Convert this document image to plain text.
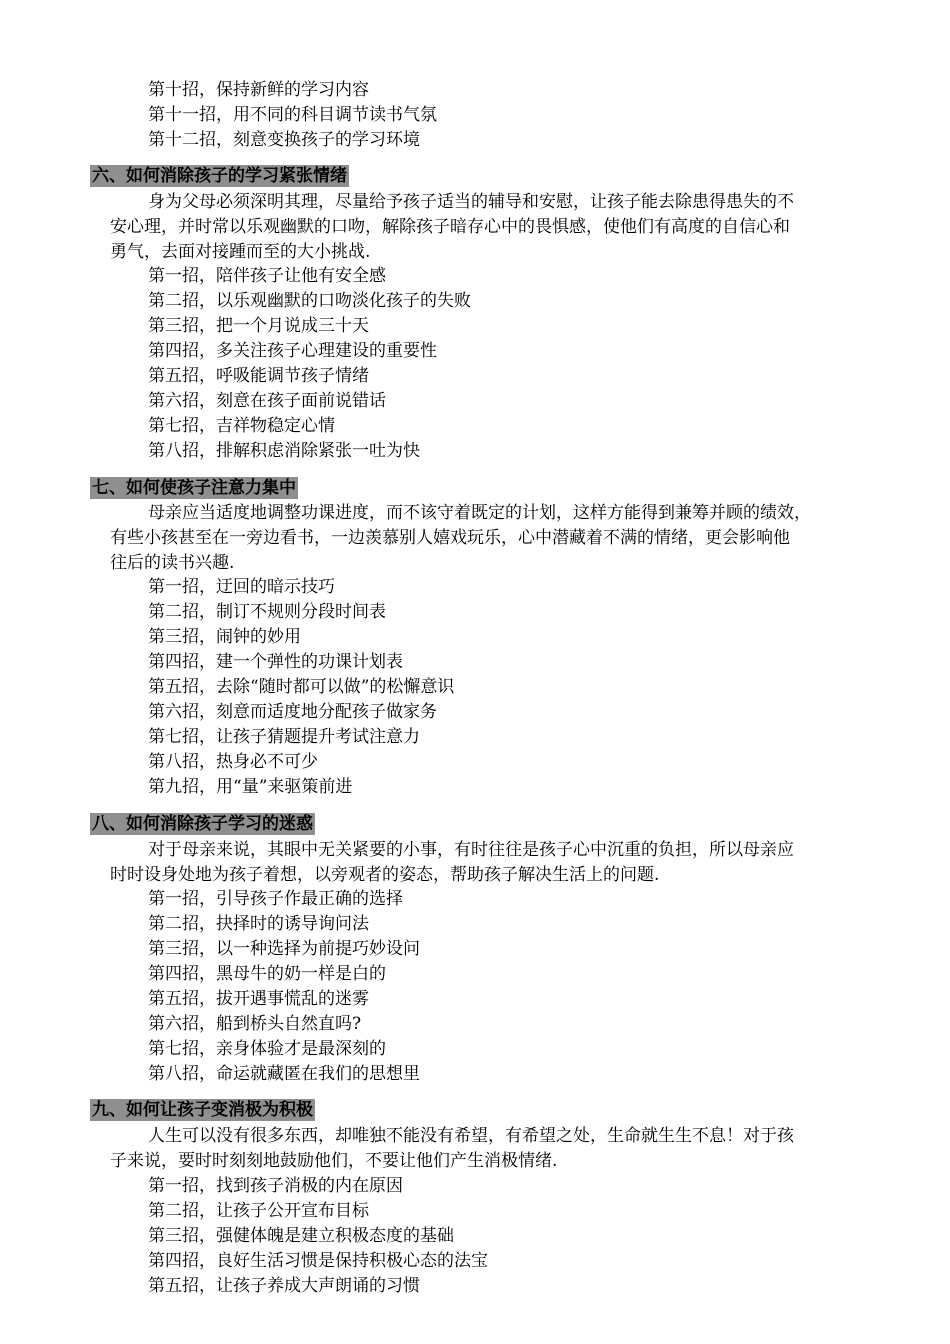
第十招，保持新鲜的学习内容
第十一招，用不同的科目调节读书气氛
第十二招，刻意变换孩子的学习环境
六、如何消除孩子的学习紧张情绪
身为父母必须深明其理，尽量给予孩子适当的辅导和安慰，让孩子能去除患得患失的不
安心理，并时常以乐观幽默的口吻，解除孩子暗存心中的畏惧感，使他们有高度的自信心和
勇气，去面对接踵而至的大小挑战.
第一招，陪伴孩子让他有安全感
第二招，以乐观幽默的口吻淡化孩子的失败
第三招，把一个月说成三十天
第四招，多关注孩子心理建设的重要性
第五招，呼吸能调节孩子情绪
第六招，刻意在孩子面前说错话
第七招，吉祥物稳定心情
第八招，排解积虑消除紧张一吐为快
七、如何使孩子注意力集中
母亲应当适度地调整功课进度，而不该守着既定的计划，这样方能得到兼筹并顾的绩效，
有些小孩甚至在一旁边看书，一边羡慕别人嬉戏玩乐，心中潜藏着不满的情绪，更会影响他
往后的读书兴趣.
第一招，迂回的暗示技巧
第二招，制订不规则分段时间表
第三招，闹钟的妙用
第四招，建一个弹性的功课计划表
第五招，去除“随时都可以做”的松懈意识
第六招，刻意而适度地分配孩子做家务
第七招，让孩子猜题提升考试注意力
第八招，热身必不可少
第九招，用“量”来驱策前进
八、如何消除孩子学习的迷惑
对于母亲来说，其眼中无关紧要的小事，有时往往是孩子心中沉重的负担，所以母亲应
时时设身处地为孩子着想，以旁观者的姿态，帮助孩子解决生活上的问题.
第一招，引导孩子作最正确的选择
第二招，抉择时的诱导询问法
第三招，以一种选择为前提巧妙设问
第四招，黑母牛的奶一样是白的
第五招，拔开遇事慌乱的迷雾
第六招，船到桥头自然直吗?
第七招，亲身体验才是最深刻的
第八招，命运就藏匿在我们的思想里
九、如何让孩子变消极为积极
人生可以没有很多东西，却唯独不能没有希望，有希望之处，生命就生生不息！对于孩
子来说，要时时刻刻地鼓励他们，不要让他们产生消极情绪.
第一招，找到孩子消极的内在原因
第二招，让孩子公开宣布目标
第三招，强健体魄是建立积极态度的基础
第四招，良好生活习惯是保持积极心态的法宝
第五招，让孩子养成大声朗诵的习惯
